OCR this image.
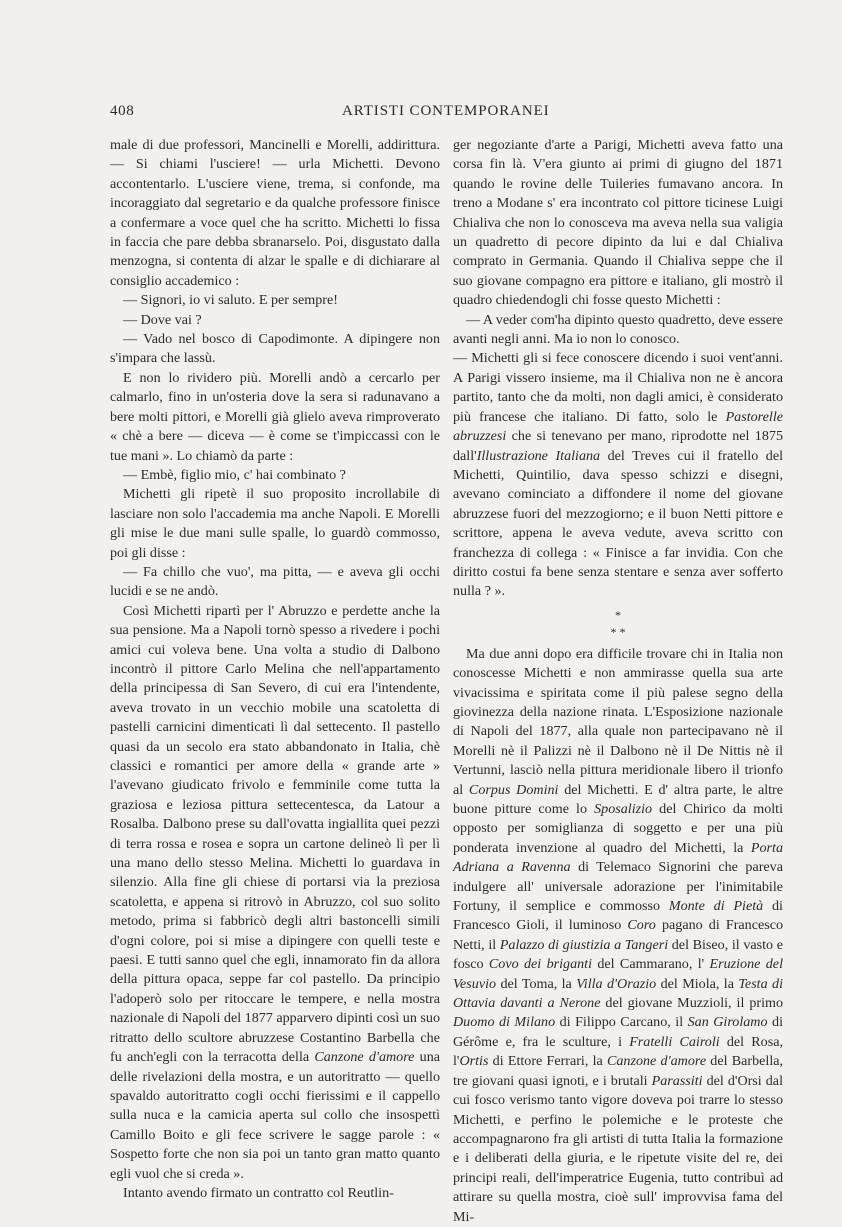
408	ARTISTI CONTEMPORANEI

male di due professori, Mancinelli e Morelli, addirittura. — Si chiami l'usciere! — urla Michetti. Devono accontentarlo. L'usciere viene, trema, si confonde, ma incoraggiato dal segretario e da qualche professore finisce a confermare a voce quel che ha scritto. Michetti lo fissa in faccia che pare debba sbranarselo. Poi, disgustato dalla menzogna, si contenta di alzar le spalle e di dichiarare al consiglio accademico :

— Signori, io vi saluto. E per sempre!

— Dove vai ?

— Vado nel bosco di Capodimonte. A dipingere non s'impara che lassù.

E non lo rividero più. Morelli andò a cercarlo per calmarlo, fino in un'osteria dove la sera si radunavano a bere molti pittori, e Morelli già glielo aveva rimproverato « chè a bere — diceva — è come se t'impiccassi con le tue mani ». Lo chiamò da parte :

— Embè, figlio mio, c' hai combinato ?

Michetti gli ripetè il suo proposito incrollabile di lasciare non solo l'accademia ma anche Napoli. E Morelli gli mise le due mani sulle spalle, lo guardò commosso, poi gli disse :

— Fa chillo che vuo', ma pitta, — e aveva gli occhi lucidi e se ne andò.

Così Michetti ripartì per l' Abruzzo e perdette anche la sua pensione. Ma a Napoli tornò spesso a rivedere i pochi amici cui voleva bene. Una volta a studio di Dalbono incontrò il pittore Carlo Melina che nell'appartamento della principessa di San Severo, di cui era l'intendente, aveva trovato in un vecchio mobile una scatoletta di pastelli carnicini dimenticati lì dal settecento. Il pastello quasi da un secolo era stato abbandonato in Italia, chè classici e romantici per amore della « grande arte » l'avevano giudicato frivolo e femminile come tutta la graziosa e leziosa pittura settecentesca, da Latour a Rosalba. Dalbono prese su dall'ovatta ingiallita quei pezzi di terra rossa e rosea e sopra un cartone delineò lì per lì una mano dello stesso Melina. Michetti lo guardava in silenzio. Alla fine gli chiese di portarsi via la preziosa scatoletta, e appena si ritrovò in Abruzzo, col suo solito metodo, prima si fabbricò degli altri bastoncelli simili d'ogni colore, poi si mise a dipingere con quelli teste e paesi. E tutti sanno quel che egli, innamorato fin da allora della pittura opaca, seppe far col pastello. Da principio l'adoperò solo per ritoccare le tempere, e nella mostra nazionale di Napoli del 1877 apparvero dipinti così un suo ritratto dello scultore abruzzese Costantino Barbella che fu anch'egli con la terracotta della Canzone d'amore una delle rivelazioni della mostra, e un autoritratto — quello spavaldo autoritratto cogli occhi fierissimi e il cappello sulla nuca e la camicia aperta sul collo che insospettì Camillo Boito e gli fece scrivere le sagge parole : « Sospetto forte che non sia poi un tanto gran matto quanto egli vuol che si creda ».

Intanto avendo firmato un contratto col Reutlin-

ger negoziante d'arte a Parigi, Michetti aveva fatto una corsa fin là. V'era giunto ai primi di giugno del 1871 quando le rovine delle Tuileries fumavano ancora. In treno a Modane s' era incontrato col pittore ticinese Luigi Chialiva che non lo conosceva ma aveva nella sua valigia un quadretto di pecore dipinto da lui e dal Chialiva comprato in Germania. Quando il Chialiva seppe che il suo giovane compagno era pittore e italiano, gli mostrò il quadro chiedendogli chi fosse questo Michetti :

— A veder com'ha dipinto questo quadretto, deve essere avanti negli anni. Ma io non lo conosco.

— Michetti gli si fece conoscere dicendo i suoi vent'anni. A Parigi vissero insieme, ma il Chialiva non ne è ancora partito, tanto che da molti, non dagli amici, è considerato più francese che italiano. Di fatto, solo le Pastorelle abruzzesi che si tenevano per mano, riprodotte nel 1875 dall'Illustrazione Italiana del Treves cui il fratello del Michetti, Quintilio, dava spesso schizzi e disegni, avevano cominciato a diffondere il nome del giovane abruzzese fuori del mezzogiorno; e il buon Netti pittore e scrittore, appena le aveva vedute, aveva scritto con franchezza di collega : « Finisce a far invidia. Con che diritto costui fa bene senza stentare e senza aver sofferto nulla ? ».

*
* *

Ma due anni dopo era difficile trovare chi in Italia non conoscesse Michetti e non ammirasse quella sua arte vivacissima e spiritata come il più palese segno della giovinezza della nazione rinata. L'Esposizione nazionale di Napoli del 1877, alla quale non partecipavano nè il Morelli nè il Palizzi nè il Dalbono nè il De Nittis nè il Vertunni, lasciò nella pittura meridionale libero il trionfo al Corpus Domini del Michetti. E d' altra parte, le altre buone pitture come lo Sposalizio del Chirico da molti opposto per somiglianza di soggetto e per una più ponderata invenzione al quadro del Michetti, la Porta Adriana a Ravenna di Telemaco Signorini che pareva indulgere all' universale adorazione per l'inimitabile Fortuny, il semplice e commosso Monte di Pietà di Francesco Gioli, il luminoso Coro pagano di Francesco Netti, il Palazzo di giustizia a Tangeri del Biseo, il vasto e fosco Covo dei briganti del Cammarano, l' Eruzione del Vesuvio del Toma, la Villa d'Orazio del Miola, la Testa di Ottavia davanti a Nerone del giovane Muzzioli, il primo Duomo di Milano di Filippo Carcano, il San Girolamo di Gérôme e, fra le sculture, i Fratelli Cairoli del Rosa, l'Ortis di Ettore Ferrari, la Canzone d'amore del Barbella, tre giovani quasi ignoti, e i brutali Parassiti del d'Orsi dal cui fosco verismo tanto vigore doveva poi trarre lo stesso Michetti, e perfino le polemiche e le proteste che accompagnarono fra gli artisti di tutta Italia la formazione e i deliberati della giuria, e le ripetute visite del re, dei principi reali, dell'imperatrice Eugenia, tutto contribuì ad attirare su quella mostra, cioè sull' improvvisa fama del Mi-
